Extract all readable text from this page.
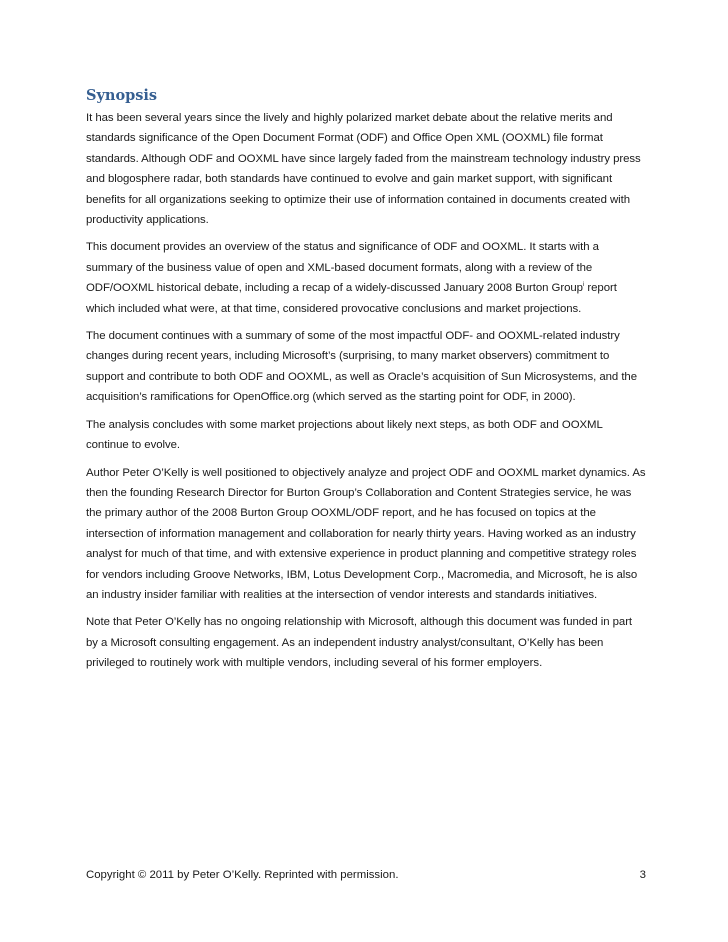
Synopsis

It has been several years since the lively and highly polarized market debate about the relative merits and standards significance of the Open Document Format (ODF) and Office Open XML (OOXML) file format standards. Although ODF and OOXML have since largely faded from the mainstream technology industry press and blogosphere radar, both standards have continued to evolve and gain market support, with significant benefits for all organizations seeking to optimize their use of information contained in documents created with productivity applications.

This document provides an overview of the status and significance of ODF and OOXML. It starts with a summary of the business value of open and XML-based document formats, along with a review of the ODF/OOXML historical debate, including a recap of a widely-discussed January 2008 Burton Group$^i$ report which included what were, at that time, considered provocative conclusions and market projections.

The document continues with a summary of some of the most impactful ODF- and OOXML-related industry changes during recent years, including Microsoft’s (surprising, to many market observers) commitment to support and contribute to both ODF and OOXML, as well as Oracle’s acquisition of Sun Microsystems, and the acquisition’s ramifications for OpenOffice.org (which served as the starting point for ODF, in 2000).

The analysis concludes with some market projections about likely next steps, as both ODF and OOXML continue to evolve.

Author Peter O’Kelly is well positioned to objectively analyze and project ODF and OOXML market dynamics. As then the founding Research Director for Burton Group’s Collaboration and Content Strategies service, he was the primary author of the 2008 Burton Group OOXML/ODF report, and he has focused on topics at the intersection of information management and collaboration for nearly thirty years. Having worked as an industry analyst for much of that time, and with extensive experience in product planning and competitive strategy roles for vendors including Groove Networks, IBM, Lotus Development Corp., Macromedia, and Microsoft, he is also an industry insider familiar with realities at the intersection of vendor interests and standards initiatives.

Note that Peter O’Kelly has no ongoing relationship with Microsoft, although this document was funded in part by a Microsoft consulting engagement. As an independent industry analyst/consultant, O’Kelly has been privileged to routinely work with multiple vendors, including several of his former employers.

Copyright © 2011 by Peter O’Kelly. Reprinted with permission.	3
